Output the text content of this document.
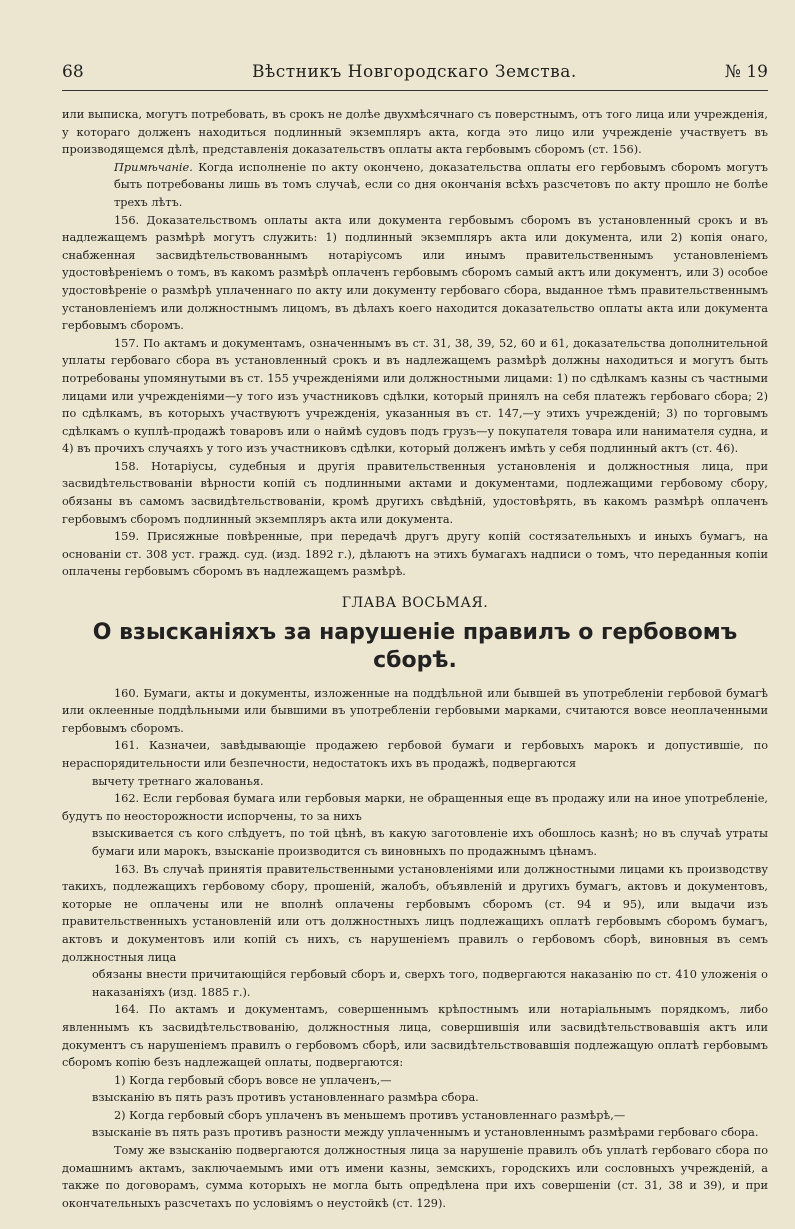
68	Вѣстникъ Новгородскаго Земства.	№ 19

или выписка, могутъ потребовать, въ срокъ не долѣе двухмѣсячнаго съ поверстнымъ, отъ того лица или учрежденія, у котораго долженъ находиться подлинный экземпляръ акта, когда это лицо или учрежденіе участвуетъ въ производящемся дѣлѣ, представленія доказательствъ оплаты акта гербовымъ сборомъ (ст. 156).

Примѣчаніе. Когда исполненіе по акту окончено, доказательства оплаты его гербовымъ сборомъ могутъ быть потребованы лишь въ томъ случаѣ, если со дня окончанія всѣхъ разсчетовъ по акту прошло не болѣе трехъ лѣтъ.

156. Доказательствомъ оплаты акта или документа гербовымъ сборомъ въ установленный срокъ и въ надлежащемъ размѣрѣ могутъ служить: 1) подлинный экземпляръ акта или документа, или 2) копія онаго, снабженная засвидѣтельствованнымъ нотаріусомъ или инымъ правительственнымъ установленіемъ удостовѣреніемъ о томъ, въ какомъ размѣрѣ оплаченъ гербовымъ сборомъ самый актъ или документъ, или 3) особое удостовѣреніе о размѣрѣ уплаченнаго по акту или документу гербоваго сбора, выданное тѣмъ правительственнымъ установленіемъ или должностнымъ лицомъ, въ дѣлахъ коего находится доказательство оплаты акта или документа гербовымъ сборомъ.

157. По актамъ и документамъ, означеннымъ въ ст. 31, 38, 39, 52, 60 и 61, доказательства дополнительной уплаты гербоваго сбора въ установленный срокъ и въ надлежащемъ размѣрѣ должны находиться и могутъ быть потребованы упомянутыми въ ст. 155 учрежденіями или должностными лицами: 1) по сдѣлкамъ казны съ частными лицами или учрежденіями—у того изъ участниковъ сдѣлки, который принялъ на себя платежъ гербоваго сбора; 2) по сдѣлкамъ, въ которыхъ участвуютъ учрежденія, указанныя въ ст. 147,—у этихъ учрежденій; 3) по торговымъ сдѣлкамъ о куплѣ-продажѣ товаровъ или о наймѣ судовъ подъ грузъ—у покупателя товара или нанимателя судна, и 4) въ прочихъ случаяхъ у того изъ участниковъ сдѣлки, который долженъ имѣть у себя подлинный актъ (ст. 46).

158. Нотаріусы, судебныя и другія правительственныя установленія и должностныя лица, при засвидѣтельствованіи вѣрности копій съ подлинными актами и документами, подлежащими гербовому сбору, обязаны въ самомъ засвидѣтельствованіи, кромѣ другихъ свѣдѣній, удостовѣрять, въ какомъ размѣрѣ оплаченъ гербовымъ сборомъ подлинный экземпляръ акта или документа.

159. Присяжные повѣренные, при передачѣ другъ другу копій состязательныхъ и иныхъ бумагъ, на основаніи ст. 308 уст. гражд. суд. (изд. 1892 г.), дѣлаютъ на этихъ бумагахъ надписи о томъ, что переданныя копіи оплачены гербовымъ сборомъ въ надлежащемъ размѣрѣ.

ГЛАВА ВОСЬМАЯ.

О взысканіяхъ за нарушеніе правилъ о гербовомъ сборѣ.

160. Бумаги, акты и документы, изложенные на поддѣльной или бывшей въ употребленіи гербовой бумагѣ или оклеенные поддѣльными или бывшими въ употребленіи гербовыми марками, считаются вовсе неоплаченными гербовымъ сборомъ.

161. Казначеи, завѣдывающіе продажею гербовой бумаги и гербовыхъ марокъ и допустившіе, по нераспорядительности или безпечности, недостатокъ ихъ въ продажѣ, подвергаются

вычету третнаго жалованья.

162. Если гербовая бумага или гербовыя марки, не обращенныя еще въ продажу или на иное употребленіе, будутъ по неосторожности испорчены, то за нихъ

взыскивается съ кого слѣдуетъ, по той цѣнѣ, въ какую заготовленіе ихъ обошлось казнѣ; но въ случаѣ утраты бумаги или марокъ, взысканіе производится съ виновныхъ по продажнымъ цѣнамъ.

163. Въ случаѣ принятія правительственными установленіями или должностными лицами къ производству такихъ, подлежащихъ гербовому сбору, прошеній, жалобъ, объявленій и другихъ бумагъ, актовъ и документовъ, которые не оплачены или не вполнѣ оплачены гербовымъ сборомъ (ст. 94 и 95), или выдачи изъ правительственныхъ установленій или отъ должностныхъ лицъ подлежащихъ оплатѣ гербовымъ сборомъ бумагъ, актовъ и документовъ или копій съ нихъ, съ нарушеніемъ правилъ о гербовомъ сборѣ, виновныя въ семъ должностныя лица

обязаны внести причитающійся гербовый сборъ и, сверхъ того, подвергаются наказанію по ст. 410 уложенія о наказаніяхъ (изд. 1885 г.).

164. По актамъ и документамъ, совершеннымъ крѣпостнымъ или нотаріальнымъ порядкомъ, либо явленнымъ къ засвидѣтельствованію, должностныя лица, совершившія или засвидѣтельствовавшія актъ или документъ съ нарушеніемъ правилъ о гербовомъ сборѣ, или засвидѣтельствовавшія подлежащую оплатѣ гербовымъ сборомъ копію безъ надлежащей оплаты, подвергаются:

1) Когда гербовый сборъ вовсе не уплаченъ,—

взысканію въ пять разъ противъ установленнаго размѣра сбора.

2) Когда гербовый сборъ уплаченъ въ меньшемъ противъ установленнаго размѣрѣ,—

взысканіе въ пять разъ противъ разности между уплаченнымъ и установленнымъ размѣрами гербоваго сбора.

Тому же взысканію подвергаются должностныя лица за нарушеніе правилъ объ уплатѣ гербоваго сбора по домашнимъ актамъ, заключаемымъ ими отъ имени казны, земскихъ, городскихъ или сословныхъ учрежденій, а также по договорамъ, сумма которыхъ не могла быть опредѣлена при ихъ совершеніи (ст. 31, 38 и 39), и при окончательныхъ разсчетахъ по условіямъ о неустойкѣ (ст. 129).
